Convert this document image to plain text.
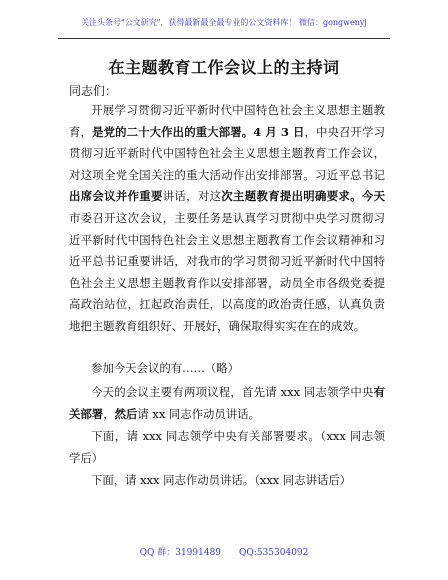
关注头条号"公文研究"，获得最新最全最专业的公文资料库！ 微信：gongwenyj
在主题教育工作会议上的主持词
同志们：

开展学习贯彻习近平新时代中国特色社会主义思想主题教育，是党的二十大作出的重大部署。4 月 3 日，中央召开学习贯彻习近平新时代中国特色社会主义思想主题教育工作会议，对这项全党全国关注的重大活动作出安排部署。习近平总书记出席会议并作重要讲话，对这次主题教育提出明确要求。今天市委召开这次会议，主要任务是认真学习贯彻中央学习贯彻习近平新时代中国特色社会主义思想主题教育工作会议精神和习近平总书记重要讲话，对我市的学习贯彻习近平新时代中国特色社会主义思想主题教育作以安排部署，动员全市各级党委提高政治站位，扛起政治责任，以高度的政治责任感，认真负责地把主题教育组织好、开展好，确保取得实实在在的成效。

参加今天会议的有……（略）

今天的会议主要有两项议程，首先请 xxx 同志领学中央有关部署，然后请 xx 同志作动员讲话。

下面，请 xxx 同志领学中央有关部署要求。（xxx 同志领学后）

下面，请 xxx 同志作动员讲话。（xxx 同志讲话后）

QQ 群：31991489 QQ:535304092
